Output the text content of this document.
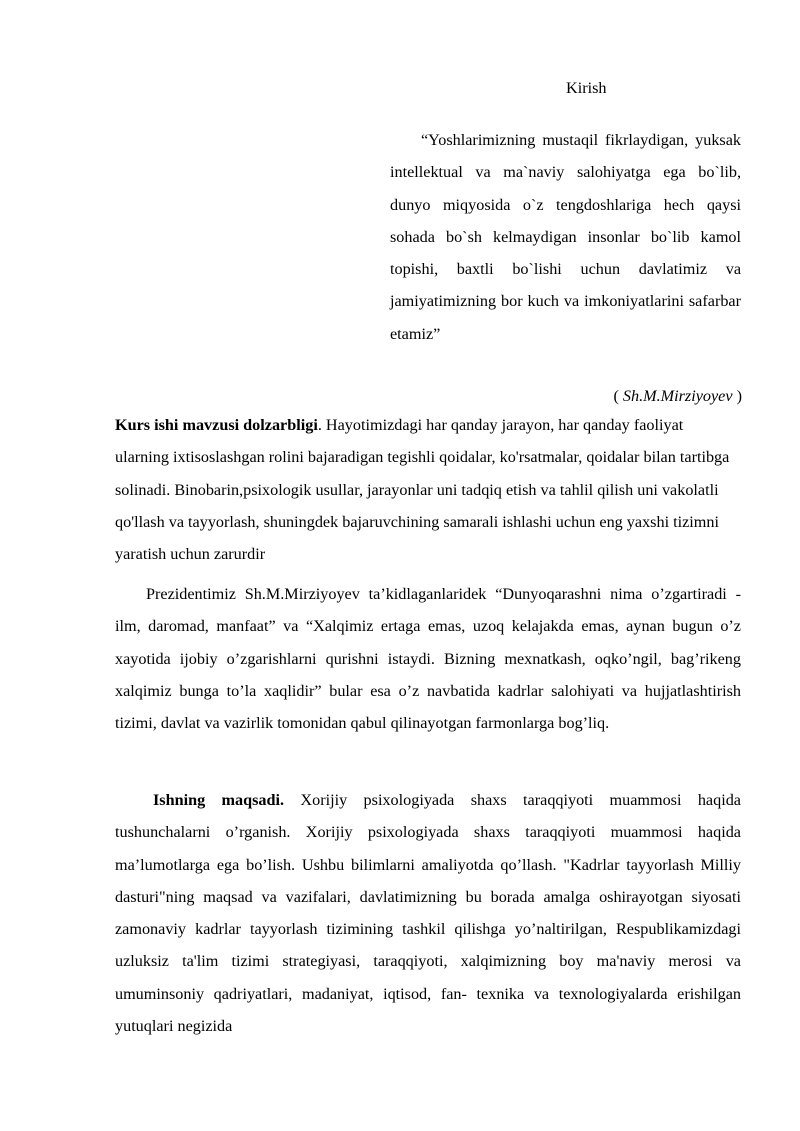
Kirish

“Yoshlarimizning mustaqil fikrlaydigan, yuksak intellektual va ma`naviy salohiyatga ega bo`lib, dunyo miqyosida o`z tengdoshlariga hech qaysi sohada bo`sh kelmaydigan insonlar bo`lib kamol topishi, baxtli bo`lishi uchun davlatimiz va jamiyatimizning bor kuch va imkoniyatlarini safarbar etamiz”

( Sh.M.Mirziyoyev )

Kurs ishi mavzusi dolzarbligi. Hayotimizdagi har qanday jarayon, har qanday faoliyat ularning ixtisoslashgan rolini bajaradigan tegishli qoidalar, ko'rsatmalar, qoidalar bilan tartibga solinadi. Binobarin,psixologik usullar, jarayonlar uni tadqiq etish va tahlil qilish uni vakolatli qo'llash va tayyorlash, shuningdek bajaruvchining samarali ishlashi uchun eng yaxshi tizimni yaratish uchun zarurdir

Prezidentimiz Sh.M.Mirziyoyev ta’kidlaganlaridek “Dunyoqarashni nima o’zgartiradi - ilm, daromad, manfaat” va “Xalqimiz ertaga emas, uzoq kelajakda emas, aynan bugun o’z xayotida ijobiy o’zgarishlarni qurishni istaydi. Bizning mexnatkash, oqko’ngil, bag’rikeng xalqimiz bunga to’la xaqlidir” bular esa o’z navbatida kadrlar salohiyati va hujjatlashtirish tizimi, davlat va vazirlik tomonidan qabul qilinayotgan farmonlarga bog’liq.

Ishning maqsadi. Xorijiy psixologiyada shaxs taraqqiyoti muammosi haqida tushunchalarni o’rganish. Xorijiy psixologiyada shaxs taraqqiyoti muammosi haqida ma’lumotlarga ega bo’lish. Ushbu bilimlarni amaliyotda qo’llash. "Kadrlar tayyorlash Milliy dasturi"ning maqsad va vazifalari, davlatimizning bu borada amalga oshirayotgan siyosati zamonaviy kadrlar tayyorlash tizimining tashkil qilishga yo’naltirilgan, Respublikamizdagi uzluksiz ta'lim tizimi strategiyasi, taraqqiyoti, xalqimizning boy ma'naviy merosi va umuminsoniy qadriyatlari, madaniyat, iqtisod, fan- texnika va texnologiyalarda erishilgan yutuqlari negizida
